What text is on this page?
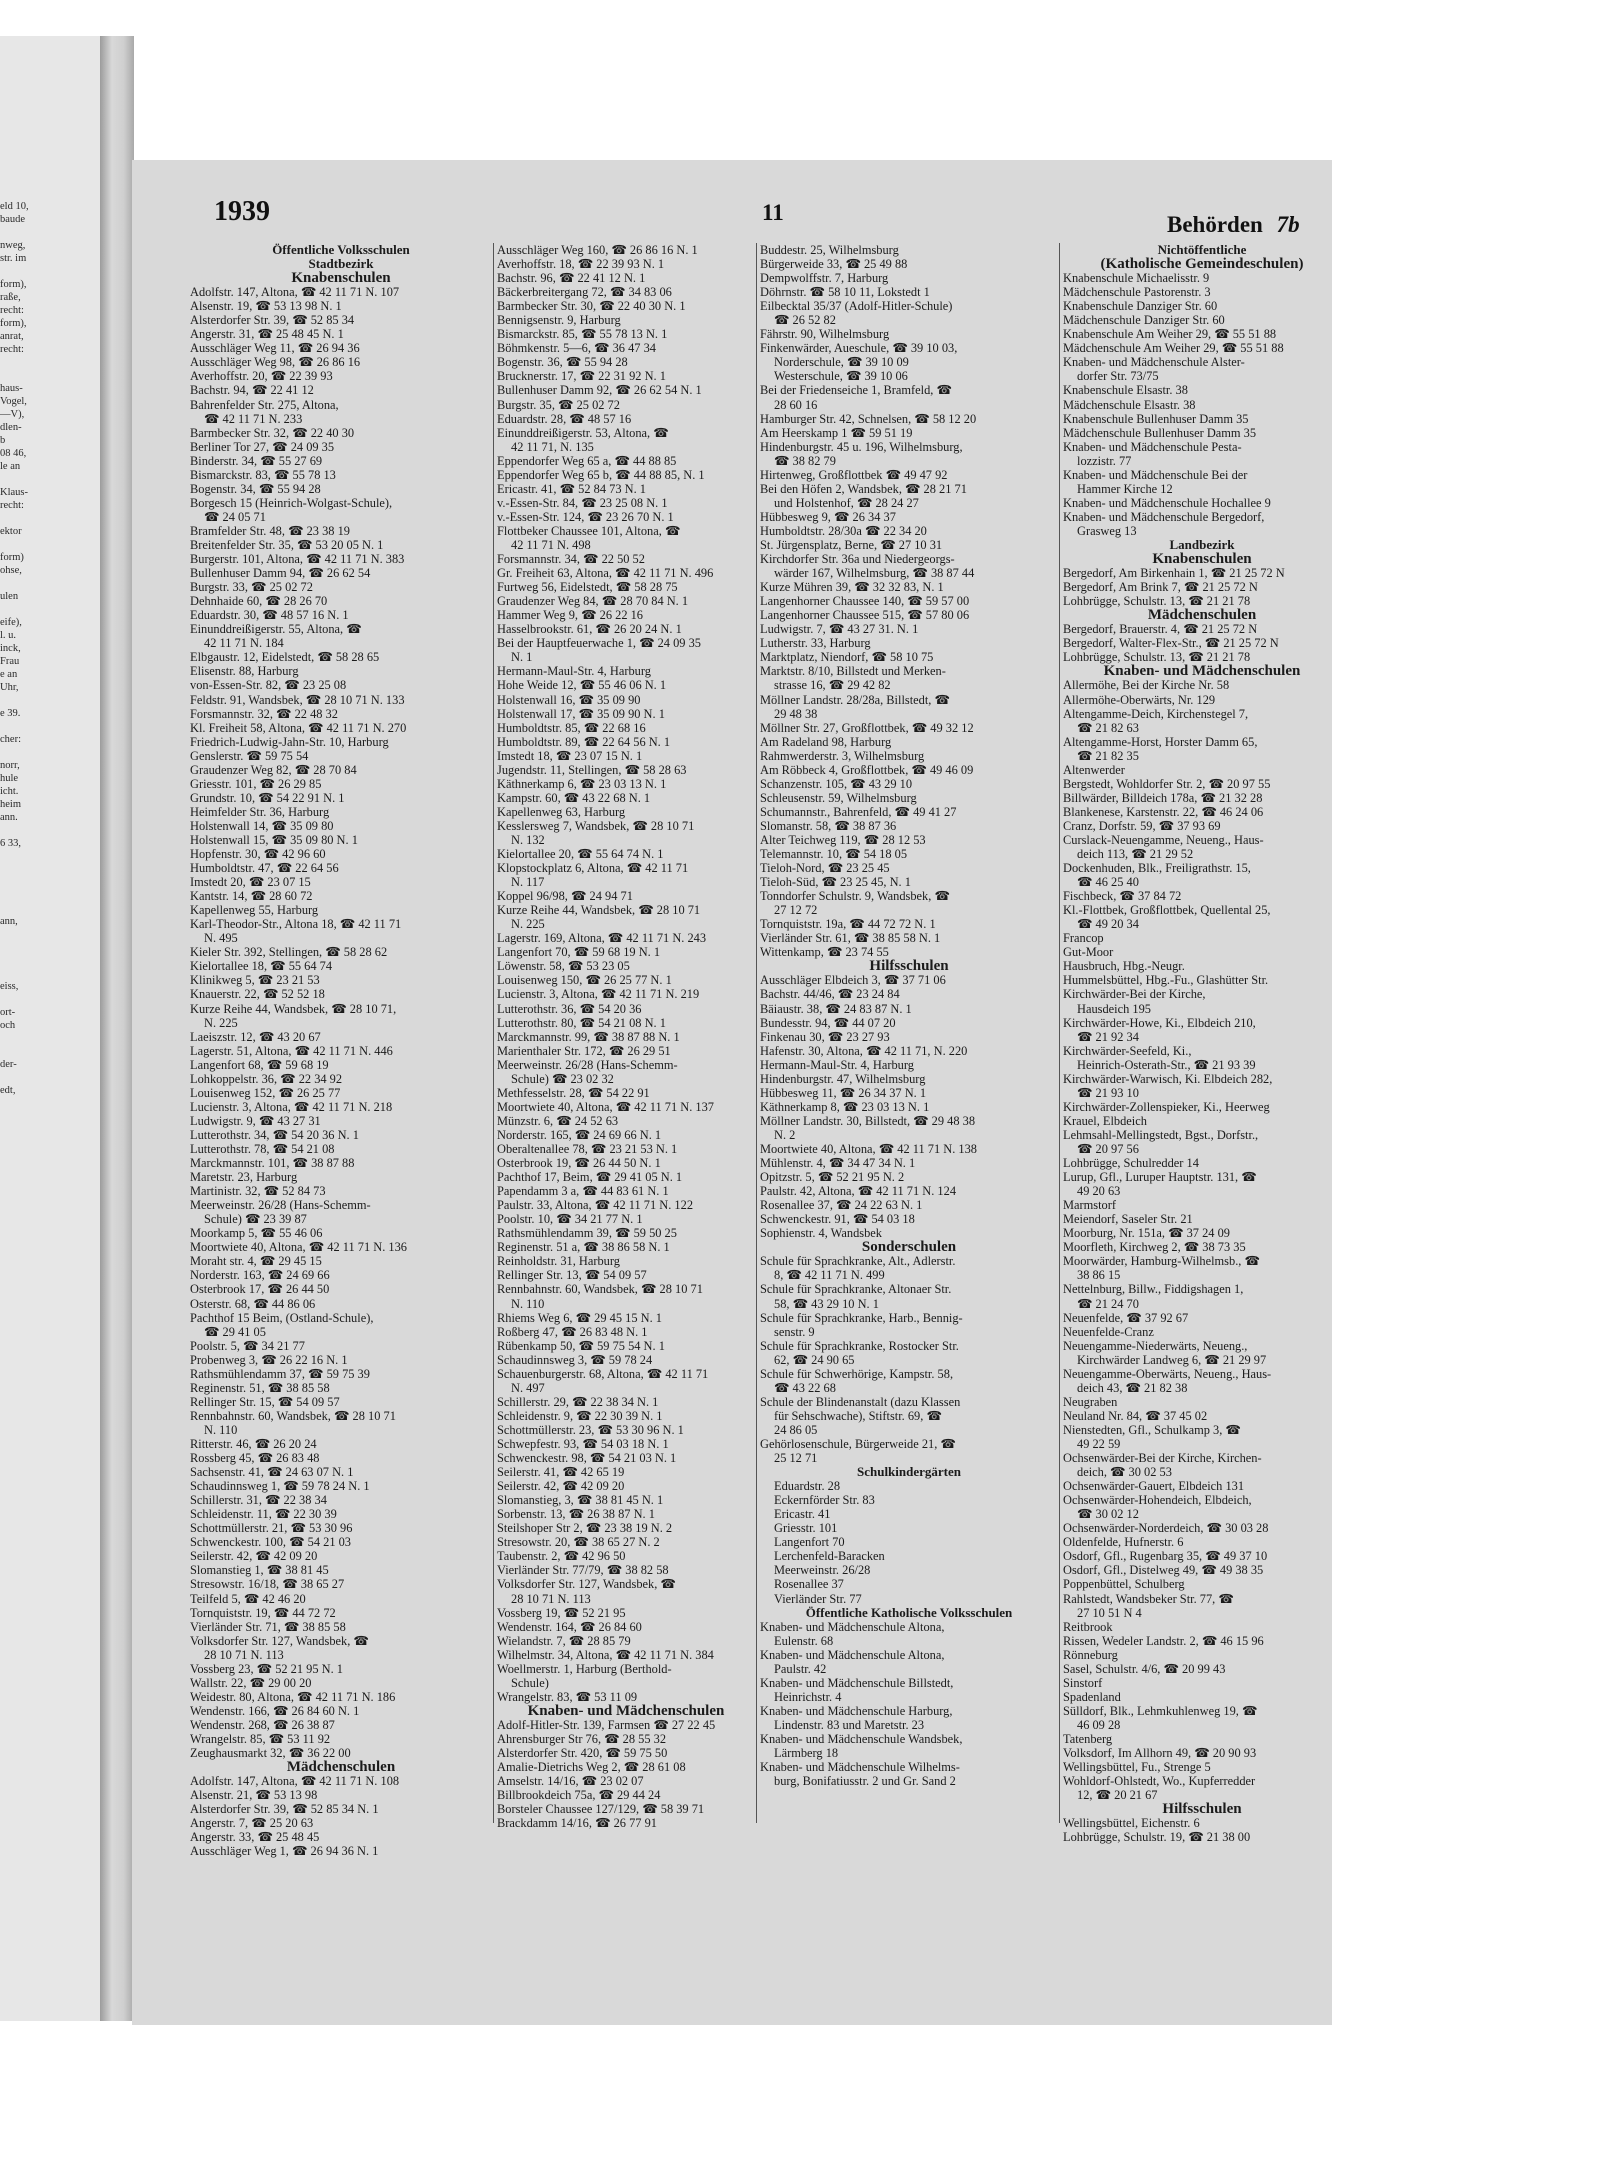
eld 10,
baude

nweg,
str. im

form),
raße,
recht:
form),
anrat,
recht:

haus-
Vogel,
—V),
dlen-
b
08 46,
le an

Klaus-
recht:

ektor

form)
ohse,

ulen

eife),
l. u.
inck,
Frau
e an
Uhr,

e 39.

cher:

norr,
hule
icht.
heim
ann.

6 33,

ann,

eiss,

ort-
och

der-

edt,
1939	11	Behörden 7b
Öffentliche Volksschulen
Stadtbezirk
Knabenschulen
Adolfstr. 147, Altona, ☎ 42 11 71 N. 107
Alsenstr. 19, ☎ 53 13 98 N. 1
Alsterdorfer Str. 39, ☎ 52 85 34
Angerstr. 31, ☎ 25 48 45 N. 1
Ausschläger Weg 11, ☎ 26 94 36
Ausschläger Weg 98, ☎ 26 86 16
Averhoffstr. 20, ☎ 22 39 93
Bachstr. 94, ☎ 22 41 12
Bahrenfelder Str. 275, Altona,
☎ 42 11 71 N. 233
Barmbecker Str. 32, ☎ 22 40 30
Berliner Tor 27, ☎ 24 09 35
Binderstr. 34, ☎ 55 27 69
Bismarckstr. 83, ☎ 55 78 13
Bogenstr. 34, ☎ 55 94 28
Borgesch 15 (Heinrich-Wolgast-Schule),
☎ 24 05 71
Bramfelder Str. 48, ☎ 23 38 19
Breitenfelder Str. 35, ☎ 53 20 05 N. 1
Burgerstr. 101, Altona, ☎ 42 11 71 N. 383
Bullenhuser Damm 94, ☎ 26 62 54
Burgstr. 33, ☎ 25 02 72
Dehnhaide 60, ☎ 28 26 70
Eduardstr. 30, ☎ 48 57 16 N. 1
Einunddreißigerstr. 55, Altona, ☎
42 11 71 N. 184
Elbgaustr. 12, Eidelstedt, ☎ 58 28 65
Elisenstr. 88, Harburg
von-Essen-Str. 82, ☎ 23 25 08
Feldstr. 91, Wandsbek, ☎ 28 10 71 N. 133
Forsmannstr. 32, ☎ 22 48 32
Kl. Freiheit 58, Altona, ☎ 42 11 71 N. 270
Friedrich-Ludwig-Jahn-Str. 10, Harburg
Genslerstr. ☎ 59 75 54
Graudenzer Weg 82, ☎ 28 70 84
Griesstr. 101, ☎ 26 29 85
Grundstr. 10, ☎ 54 22 91 N. 1
Heimfelder Str. 36, Harburg
Holstenwall 14, ☎ 35 09 80
Holstenwall 15, ☎ 35 09 80 N. 1
Hopfenstr. 30, ☎ 42 96 60
Humboldtstr. 47, ☎ 22 64 56
Imstedt 20, ☎ 23 07 15
Kantstr. 14, ☎ 28 60 72
Kapellenweg 55, Harburg
Karl-Theodor-Str., Altona 18, ☎ 42 11 71
N. 495
Kieler Str. 392, Stellingen, ☎ 58 28 62
Kielortallee 18, ☎ 55 64 74
Klinikweg 5, ☎ 23 21 53
Knauerstr. 22, ☎ 52 52 18
Kurze Reihe 44, Wandsbek, ☎ 28 10 71,
N. 225
Laeiszstr. 12, ☎ 43 20 67
Lagerstr. 51, Altona, ☎ 42 11 71 N. 446
Langenfort 68, ☎ 59 68 19
Lohkoppelstr. 36, ☎ 22 34 92
Louisenweg 152, ☎ 26 25 77
Lucienstr. 3, Altona, ☎ 42 11 71 N. 218
Ludwigstr. 9, ☎ 43 27 31
Lutterothstr. 34, ☎ 54 20 36 N. 1
Lutterothstr. 78, ☎ 54 21 08
Marckmannstr. 101, ☎ 38 87 88
Maretstr. 23, Harburg
Martinistr. 32, ☎ 52 84 73
Meerweinstr. 26/28 (Hans-Schemm-
Schule) ☎ 23 39 87
Moorkamp 5, ☎ 55 46 06
Moortwiete 40, Altona, ☎ 42 11 71 N. 136
Moraht str. 4, ☎ 29 45 15
Norderstr. 163, ☎ 24 69 66
Osterbrook 17, ☎ 26 44 50
Osterstr. 68, ☎ 44 86 06
Pachthof 15 Beim, (Ostland-Schule),
☎ 29 41 05
Poolstr. 5, ☎ 34 21 77
Probenweg 3, ☎ 26 22 16 N. 1
Rathsmühlendamm 37, ☎ 59 75 39
Reginenstr. 51, ☎ 38 85 58
Rellinger Str. 15, ☎ 54 09 57
Rennbahnstr. 60, Wandsbek, ☎ 28 10 71
N. 110
Ritterstr. 46, ☎ 26 20 24
Rossberg 45, ☎ 26 83 48
Sachsenstr. 41, ☎ 24 63 07 N. 1
Schaudinnsweg 1, ☎ 59 78 24 N. 1
Schillerstr. 31, ☎ 22 38 34
Schleidenstr. 11, ☎ 22 30 39
Schottmüllerstr. 21, ☎ 53 30 96
Schwenckestr. 100, ☎ 54 21 03
Seilerstr. 42, ☎ 42 09 20
Slomanstieg 1, ☎ 38 81 45
Stresowstr. 16/18, ☎ 38 65 27
Teilfeld 5, ☎ 42 46 20
Tornquiststr. 19, ☎ 44 72 72
Vierländer Str. 71, ☎ 38 85 58
Volksdorfer Str. 127, Wandsbek, ☎
28 10 71 N. 113
Vossberg 23, ☎ 52 21 95 N. 1
Wallstr. 22, ☎ 29 00 20
Weidestr. 80, Altona, ☎ 42 11 71 N. 186
Wendenstr. 166, ☎ 26 84 60 N. 1
Wendenstr. 268, ☎ 26 38 87
Wrangelstr. 85, ☎ 53 11 92
Zeughausmarkt 32, ☎ 36 22 00
Mädchenschulen
Adolfstr. 147, Altona, ☎ 42 11 71 N. 108
Alsenstr. 21, ☎ 53 13 98
Alsterdorfer Str. 39, ☎ 52 85 34 N. 1
Angerstr. 7, ☎ 25 20 63
Angerstr. 33, ☎ 25 48 45
Ausschläger Weg 1, ☎ 26 94 36 N. 1
Ausschläger Weg 160, ☎ 26 86 16 N. 1
Averhoffstr. 18, ☎ 22 39 93 N. 1
Bachstr. 96, ☎ 22 41 12 N. 1
Bäckerbreitergang 72, ☎ 34 83 06
Barmbecker Str. 30, ☎ 22 40 30 N. 1
Bennigsenstr. 9, Harburg
Bismarckstr. 85, ☎ 55 78 13 N. 1
Böhmkenstr. 5—6, ☎ 36 47 34
Bogenstr. 36, ☎ 55 94 28
Brucknerstr. 17, ☎ 22 31 92 N. 1
Bullenhuser Damm 92, ☎ 26 62 54 N. 1
Burgstr. 35, ☎ 25 02 72
Eduardstr. 28, ☎ 48 57 16
Einunddreißigerstr. 53, Altona, ☎
42 11 71, N. 135
Eppendorfer Weg 65 a, ☎ 44 88 85
Eppendorfer Weg 65 b, ☎ 44 88 85, N. 1
Ericastr. 41, ☎ 52 84 73 N. 1
v.-Essen-Str. 84, ☎ 23 25 08 N. 1
v.-Essen-Str. 124, ☎ 23 26 70 N. 1
Flottbeker Chaussee 101, Altona, ☎
42 11 71 N. 498
Forsmannstr. 34, ☎ 22 50 52
Gr. Freiheit 63, Altona, ☎ 42 11 71 N. 496
Furtweg 56, Eidelstedt, ☎ 58 28 75
Graudenzer Weg 84, ☎ 28 70 84 N. 1
Hammer Weg 9, ☎ 26 22 16
Hasselbrookstr. 61, ☎ 26 20 24 N. 1
Bei der Hauptfeuerwache 1, ☎ 24 09 35
N. 1
Hermann-Maul-Str. 4, Harburg
Hohe Weide 12, ☎ 55 46 06 N. 1
Holstenwall 16, ☎ 35 09 90
Holstenwall 17, ☎ 35 09 90 N. 1
Humboldtstr. 85, ☎ 22 68 16
Humboldtstr. 89, ☎ 22 64 56 N. 1
Imstedt 18, ☎ 23 07 15 N. 1
Jugendstr. 11, Stellingen, ☎ 58 28 63
Käthnerkamp 6, ☎ 23 03 13 N. 1
Kampstr. 60, ☎ 43 22 68 N. 1
Kapellenweg 63, Harburg
Kesslersweg 7, Wandsbek, ☎ 28 10 71
N. 132
Kielortallee 20, ☎ 55 64 74 N. 1
Klopstockplatz 6, Altona, ☎ 42 11 71
N. 117
Koppel 96/98, ☎ 24 94 71
Kurze Reihe 44, Wandsbek, ☎ 28 10 71
N. 225
Lagerstr. 169, Altona, ☎ 42 11 71 N. 243
Langenfort 70, ☎ 59 68 19 N. 1
Löwenstr. 58, ☎ 53 23 05
Louisenweg 150, ☎ 26 25 77 N. 1
Lucienstr. 3, Altona, ☎ 42 11 71 N. 219
Lutterothstr. 36, ☎ 54 20 36
Lutterothstr. 80, ☎ 54 21 08 N. 1
Marckmannstr. 99, ☎ 38 87 88 N. 1
Marienthaler Str. 172, ☎ 26 29 51
Meerweinstr. 26/28 (Hans-Schemm-
Schule) ☎ 23 02 32
Methfesselstr. 28, ☎ 54 22 91
Moortwiete 40, Altona, ☎ 42 11 71 N. 137
Münzstr. 6, ☎ 24 52 63
Norderstr. 165, ☎ 24 69 66 N. 1
Oberaltenallee 78, ☎ 23 21 53 N. 1
Osterbrook 19, ☎ 26 44 50 N. 1
Pachthof 17, Beim, ☎ 29 41 05 N. 1
Papendamm 3 a, ☎ 44 83 61 N. 1
Paulstr. 33, Altona, ☎ 42 11 71 N. 122
Poolstr. 10, ☎ 34 21 77 N. 1
Rathsmühlendamm 39, ☎ 59 50 25
Reginenstr. 51 a, ☎ 38 86 58 N. 1
Reinholdstr. 31, Harburg
Rellinger Str. 13, ☎ 54 09 57
Rennbahnstr. 60, Wandsbek, ☎ 28 10 71
N. 110
Rhiems Weg 6, ☎ 29 45 15 N. 1
Roßberg 47, ☎ 26 83 48 N. 1
Rübenkamp 50, ☎ 59 75 54 N. 1
Schaudinnsweg 3, ☎ 59 78 24
Schauenburgerstr. 68, Altona, ☎ 42 11 71
N. 497
Schillerstr. 29, ☎ 22 38 34 N. 1
Schleidenstr. 9, ☎ 22 30 39 N. 1
Schottmüllerstr. 23, ☎ 53 30 96 N. 1
Schwepfestr. 93, ☎ 54 03 18 N. 1
Schwenckestr. 98, ☎ 54 21 03 N. 1
Seilerstr. 41, ☎ 42 65 19
Seilerstr. 42, ☎ 42 09 20
Slomanstieg, 3, ☎ 38 81 45 N. 1
Sorbenstr. 13, ☎ 26 38 87 N. 1
Steilshoper Str 2, ☎ 23 38 19 N. 2
Stresowstr. 20, ☎ 38 65 27 N. 2
Taubenstr. 2, ☎ 42 96 50
Vierländer Str. 77/79, ☎ 38 82 58
Volksdorfer Str. 127, Wandsbek, ☎
28 10 71 N. 113
Vossberg 19, ☎ 52 21 95
Wendenstr. 164, ☎ 26 84 60
Wielandstr. 7, ☎ 28 85 79
Wilhelmstr. 34, Altona, ☎ 42 11 71 N. 384
Woellmerstr. 1, Harburg (Berthold-
Schule)
Wrangelstr. 83, ☎ 53 11 09
Knaben- und Mädchenschulen
Adolf-Hitler-Str. 139, Farmsen ☎ 27 22 45
Ahrensburger Str 76, ☎ 28 55 32
Alsterdorfer Str. 420, ☎ 59 75 50
Amalie-Dietrichs Weg 2, ☎ 28 61 08
Amselstr. 14/16, ☎ 23 02 07
Billbrookdeich 75a, ☎ 29 44 24
Borsteler Chaussee 127/129, ☎ 58 39 71
Brackdamm 14/16, ☎ 26 77 91
Buddestr. 25, Wilhelmsburg
Bürgerweide 33, ☎ 25 49 88
Dempwolffstr. 7, Harburg
Döhrnstr. ☎ 58 10 11, Lokstedt 1
Eilbecktal 35/37 (Adolf-Hitler-Schule)
☎ 26 52 82
Fährstr. 90, Wilhelmsburg
Finkenwärder, Aueschule, ☎ 39 10 03,
Norderschule, ☎ 39 10 09
Westerschule, ☎ 39 10 06
Bei der Friedenseiche 1, Bramfeld, ☎
28 60 16
Hamburger Str. 42, Schnelsen, ☎ 58 12 20
Am Heerskamp 1 ☎ 59 51 19
Hindenburgstr. 45 u. 196, Wilhelmsburg,
☎ 38 82 79
Hirtenweg, Großflottbek ☎ 49 47 92
Bei den Höfen 2, Wandsbek, ☎ 28 21 71
und Holstenhof, ☎ 28 24 27
Hübbesweg 9, ☎ 26 34 37
Humboldtstr. 28/30a ☎ 22 34 20
St. Jürgensplatz, Berne, ☎ 27 10 31
Kirchdorfer Str. 36a und Niedergeorgs-
wärder 167, Wilhelmsburg, ☎ 38 87 44
Kurze Mühren 39, ☎ 32 32 83, N. 1
Langenhorner Chaussee 140, ☎ 59 57 00
Langenhorner Chaussee 515, ☎ 57 80 06
Ludwigstr. 7, ☎ 43 27 31. N. 1
Lutherstr. 33, Harburg
Marktplatz, Niendorf, ☎ 58 10 75
Marktstr. 8/10, Billstedt und Merken-
strasse 16, ☎ 29 42 82
Möllner Landstr. 28/28a, Billstedt, ☎
29 48 38
Möllner Str. 27, Großflottbek, ☎ 49 32 12
Am Radeland 98, Harburg
Rahmwerderstr. 3, Wilhelmsburg
Am Röbbeck 4, Großflottbek, ☎ 49 46 09
Schanzenstr. 105, ☎ 43 29 10
Schleusenstr. 59, Wilhelmsburg
Schumannstr., Bahrenfeld, ☎ 49 41 27
Slomanstr. 58, ☎ 38 87 36
Alter Teichweg 119, ☎ 28 12 53
Telemannstr. 10, ☎ 54 18 05
Tieloh-Nord, ☎ 23 25 45
Tieloh-Süd, ☎ 23 25 45, N. 1
Tonndorfer Schulstr. 9, Wandsbek, ☎
27 12 72
Tornquiststr. 19a, ☎ 44 72 72 N. 1
Vierländer Str. 61, ☎ 38 85 58 N. 1
Wittenkamp, ☎ 23 74 55
Hilfsschulen
Ausschläger Elbdeich 3, ☎ 37 71 06
Bachstr. 44/46, ☎ 23 24 84
Bäiaustr. 38, ☎ 24 83 87 N. 1
Bundesstr. 94, ☎ 44 07 20
Finkenau 30, ☎ 23 27 93
Hafenstr. 30, Altona, ☎ 42 11 71, N. 220
Hermann-Maul-Str. 4, Harburg
Hindenburgstr. 47, Wilhelmsburg
Hübbesweg 11, ☎ 26 34 37 N. 1
Käthnerkamp 8, ☎ 23 03 13 N. 1
Möllner Landstr. 30, Billstedt, ☎ 29 48 38
N. 2
Moortwiete 40, Altona, ☎ 42 11 71 N. 138
Mühlenstr. 4, ☎ 34 47 34 N. 1
Opitzstr. 5, ☎ 52 21 95 N. 2
Paulstr. 42, Altona, ☎ 42 11 71 N. 124
Rosenallee 37, ☎ 24 22 63 N. 1
Schwenckestr. 91, ☎ 54 03 18
Sophienstr. 4, Wandsbek
Sonderschulen
Schule für Sprachkranke, Alt., Adlerstr.
8, ☎ 42 11 71 N. 499
Schule für Sprachkranke, Altonaer Str.
58, ☎ 43 29 10 N. 1
Schule für Sprachkranke, Harb., Bennig-
senstr. 9
Schule für Sprachkranke, Rostocker Str.
62, ☎ 24 90 65
Schule für Schwerhörige, Kampstr. 58,
☎ 43 22 68
Schule der Blindenanstalt (dazu Klassen
für Sehschwache), Stiftstr. 69, ☎
24 86 05
Gehörlosenschule, Bürgerweide 21, ☎
25 12 71
Schulkindergärten
Eduardstr. 28
Eckernförder Str. 83
Ericastr. 41
Griesstr. 101
Langenfort 70
Lerchenfeld-Baracken
Meerweinstr. 26/28
Rosenallee 37
Vierländer Str. 77
Öffentliche Katholische Volksschulen
Knaben- und Mädchenschule Altona,
Eulenstr. 68
Knaben- und Mädchenschule Altona,
Paulstr. 42
Knaben- und Mädchenschule Billstedt,
Heinrichstr. 4
Knaben- und Mädchenschule Harburg,
Lindenstr. 83 und Maretstr. 23
Knaben- und Mädchenschule Wandsbek,
Lärmberg 18
Knaben- und Mädchenschule Wilhelms-
burg, Bonifatiusstr. 2 und Gr. Sand 2
Nichtöffentliche
(Katholische Gemeindeschulen)
Knabenschule Michaelisstr. 9
Mädchenschule Pastorenstr. 3
Knabenschule Danziger Str. 60
Mädchenschule Danziger Str. 60
Knabenschule Am Weiher 29, ☎ 55 51 88
Mädchenschule Am Weiher 29, ☎ 55 51 88
Knaben- und Mädchenschule Alster-
dorfer Str. 73/75
Knabenschule Elsastr. 38
Mädchenschule Elsastr. 38
Knabenschule Bullenhuser Damm 35
Mädchenschule Bullenhuser Damm 35
Knaben- und Mädchenschule Pesta-
lozzistr. 77
Knaben- und Mädchenschule Bei der
Hammer Kirche 12
Knaben- und Mädchenschule Hochallee 9
Knaben- und Mädchenschule Bergedorf,
Grasweg 13
Landbezirk
Knabenschulen
Bergedorf, Am Birkenhain 1, ☎ 21 25 72 N
Bergedorf, Am Brink 7, ☎ 21 25 72 N
Lohbrügge, Schulstr. 13, ☎ 21 21 78
Mädchenschulen
Bergedorf, Brauerstr. 4, ☎ 21 25 72 N
Bergedorf, Walter-Flex-Str., ☎ 21 25 72 N
Lohbrügge, Schulstr. 13, ☎ 21 21 78
Knaben- und Mädchenschulen
Allermöhe, Bei der Kirche Nr. 58
Allermöhe-Oberwärts, Nr. 129
Altengamme-Deich, Kirchenstegel 7,
☎ 21 82 63
Altengamme-Horst, Horster Damm 65,
☎ 21 82 35
Altenwerder
Bergstedt, Wohldorfer Str. 2, ☎ 20 97 55
Billwärder, Billdeich 178a, ☎ 21 32 28
Blankenese, Karstenstr. 22, ☎ 46 24 06
Cranz, Dorfstr. 59, ☎ 37 93 69
Curslack-Neuengamme, Neueng., Haus-
deich 113, ☎ 21 29 52
Dockenhuden, Blk., Freiligrathstr. 15,
☎ 46 25 40
Fischbeck, ☎ 37 84 72
Kl.-Flottbek, Großflottbek, Quellental 25,
☎ 49 20 34
Francop
Gut-Moor
Hausbruch, Hbg.-Neugr.
Hummelsbüttel, Hbg.-Fu., Glashütter Str.
Kirchwärder-Bei der Kirche,
Hausdeich 195
Kirchwärder-Howe, Ki., Elbdeich 210,
☎ 21 92 34
Kirchwärder-Seefeld, Ki.,
Heinrich-Osterath-Str., ☎ 21 93 39
Kirchwärder-Warwisch, Ki. Elbdeich 282,
☎ 21 93 10
Kirchwärder-Zollenspieker, Ki., Heerweg
Krauel, Elbdeich
Lehmsahl-Mellingstedt, Bgst., Dorfstr.,
☎ 20 97 56
Lohbrügge, Schulredder 14
Lurup, Gfl., Luruper Hauptstr. 131, ☎
49 20 63
Marmstorf
Meiendorf, Saseler Str. 21
Moorburg, Nr. 151a, ☎ 37 24 09
Moorfleth, Kirchweg 2, ☎ 38 73 35
Moorwärder, Hamburg-Wilhelmsb., ☎
38 86 15
Nettelnburg, Billw., Fiddigshagen 1,
☎ 21 24 70
Neuenfelde, ☎ 37 92 67
Neuenfelde-Cranz
Neuengamme-Niederwärts, Neueng.,
Kirchwärder Landweg 6, ☎ 21 29 97
Neuengamme-Oberwärts, Neueng., Haus-
deich 43, ☎ 21 82 38
Neugraben
Neuland Nr. 84, ☎ 37 45 02
Nienstedten, Gfl., Schulkamp 3, ☎
49 22 59
Ochsenwärder-Bei der Kirche, Kirchen-
deich, ☎ 30 02 53
Ochsenwärder-Gauert, Elbdeich 131
Ochsenwärder-Hohendeich, Elbdeich,
☎ 30 02 12
Ochsenwärder-Norderdeich, ☎ 30 03 28
Oldenfelde, Hufnerstr. 6
Osdorf, Gfl., Rugenbarg 35, ☎ 49 37 10
Osdorf, Gfl., Distelweg 49, ☎ 49 38 35
Poppenbüttel, Schulberg
Rahlstedt, Wandsbeker Str. 77, ☎
27 10 51 N 4
Reitbrook
Rissen, Wedeler Landstr. 2, ☎ 46 15 96
Rönneburg
Sasel, Schulstr. 4/6, ☎ 20 99 43
Sinstorf
Spadenland
Sülldorf, Blk., Lehmkuhlenweg 19, ☎
46 09 28
Tatenberg
Volksdorf, Im Allhorn 49, ☎ 20 90 93
Wellingsbüttel, Fu., Strenge 5
Wohldorf-Ohlstedt, Wo., Kupferredder
12, ☎ 20 21 67
Hilfsschulen
Wellingsbüttel, Eichenstr. 6
Lohbrügge, Schulstr. 19, ☎ 21 38 00
